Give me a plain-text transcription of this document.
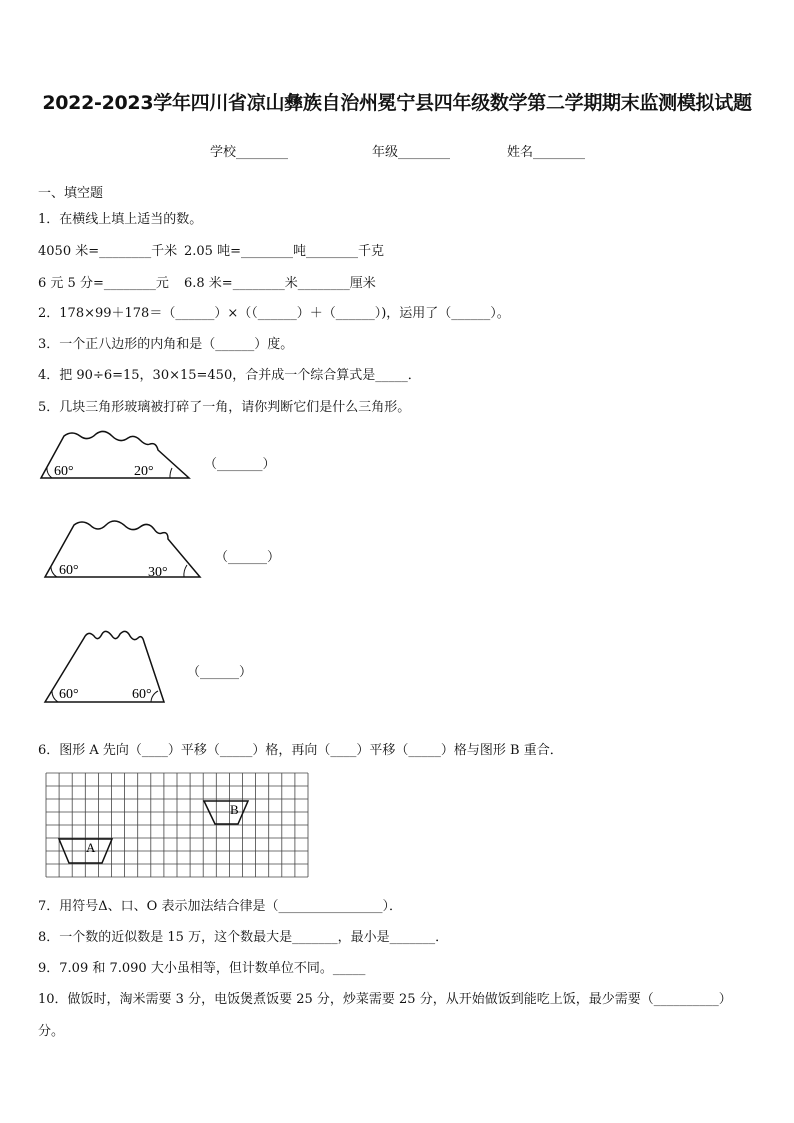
2022-2023学年四川省凉山彝族自治州冕宁县四年级数学第二学期期末监测模拟试题
学校________	年级________	姓名________
一、填空题
1．在横线上填上适当的数。
4050 米=________千米 2.05 吨=________吨________千克
6 元 5 分=________元 6.8 米=________米________厘米
2．178×99＋178＝（______）×（（______）＋（______）)，运用了（______）。
3．一个正八边形的内角和是（______）度。
4．把 90÷6=15，30×15=450，合并成一个综合算式是_____．
5．几块三角形玻璃被打碎了一角，请你判断它们是什么三角形。
60°	20°	（_______）
60°	30°
（______）
60°	60°
（______）
6．图形 A 先向（____）平移（_____）格，再向（____）平移（_____）格与图形 B 重合．
B
A
7．用符号Δ、口、O 表示加法结合律是（________________）．
8．一个数的近似数是 15 万，这个数最大是_______，最小是_______．
9．7.09 和 7.090 大小虽相等，但计数单位不同。_____
10．做饭时，淘米需要 3 分，电饭煲煮饭要 25 分，炒菜需要 25 分，从开始做饭到能吃上饭，最少需要（__________）
分。
